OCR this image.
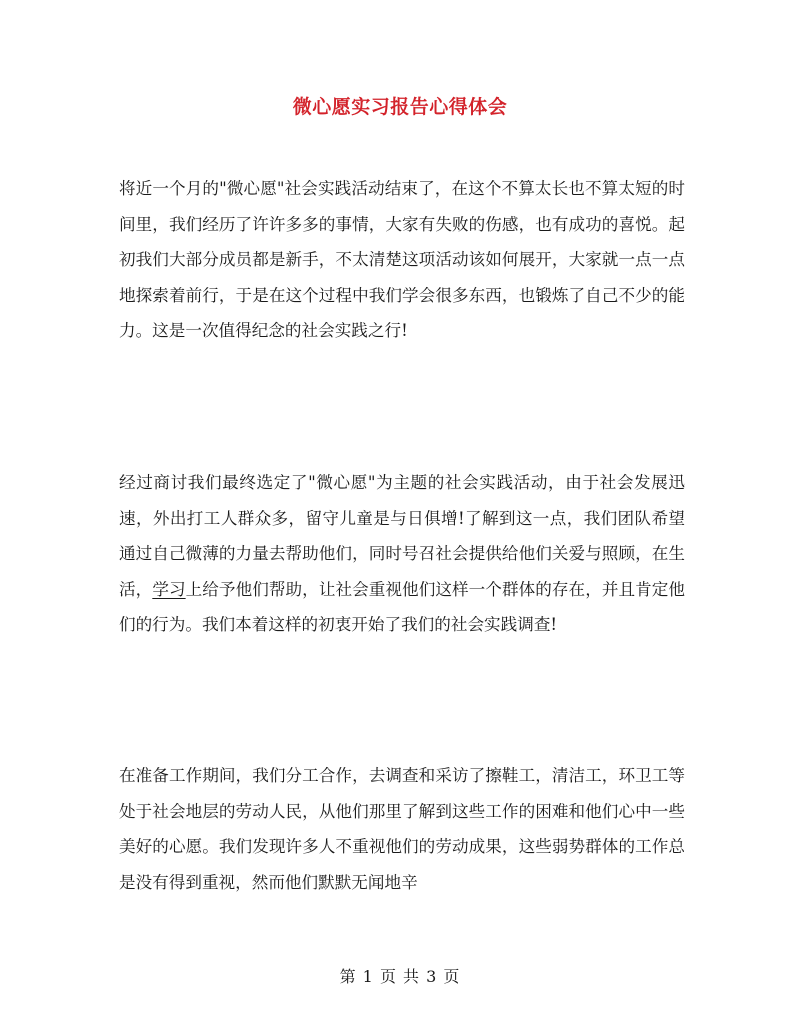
微心愿实习报告心得体会

将近一个月的"微心愿"社会实践活动结束了，在这个不算太长也不算太短的时间里，我们经历了许许多多的事情，大家有失败的伤感，也有成功的喜悦。起初我们大部分成员都是新手，不太清楚这项活动该如何展开，大家就一点一点地探索着前行，于是在这个过程中我们学会很多东西，也锻炼了自己不少的能力。这是一次值得纪念的社会实践之行!

经过商讨我们最终选定了"微心愿"为主题的社会实践活动，由于社会发展迅速，外出打工人群众多，留守儿童是与日俱增!了解到这一点，我们团队希望通过自己微薄的力量去帮助他们，同时号召社会提供给他们关爱与照顾，在生活，学习上给予他们帮助，让社会重视他们这样一个群体的存在，并且肯定他们的行为。我们本着这样的初衷开始了我们的社会实践调查!

在准备工作期间，我们分工合作，去调查和采访了擦鞋工，清洁工，环卫工等处于社会地层的劳动人民，从他们那里了解到这些工作的困难和他们心中一些美好的心愿。我们发现许多人不重视他们的劳动成果，这些弱势群体的工作总是没有得到重视，然而他们默默无闻地辛

第 1 页 共 3 页
